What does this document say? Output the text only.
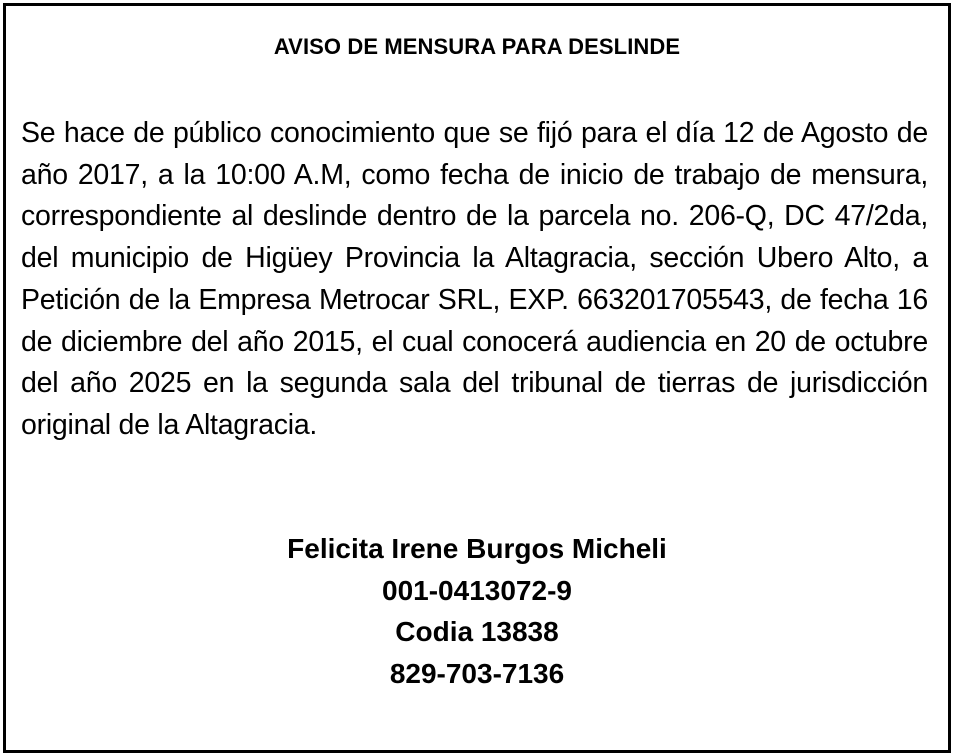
AVISO DE MENSURA PARA DESLINDE
Se hace de público conocimiento que se fijó para el día 12 de Agosto de año 2017, a la 10:00 A.M, como fecha de inicio de trabajo de mensura, correspondiente al deslinde dentro de la parcela no. 206-Q, DC 47/2da, del municipio de Higüey Provincia la Altagracia, sección Ubero Alto, a Petición de la Empresa Metrocar SRL, EXP. 663201705543, de fecha 16 de diciembre del año 2015, el cual conocerá audiencia en 20 de octubre del año 2025 en la segunda sala del tribunal de tierras de jurisdicción original de la Altagracia.
Felicita Irene Burgos Micheli
001-0413072-9
Codia 13838
829-703-7136
